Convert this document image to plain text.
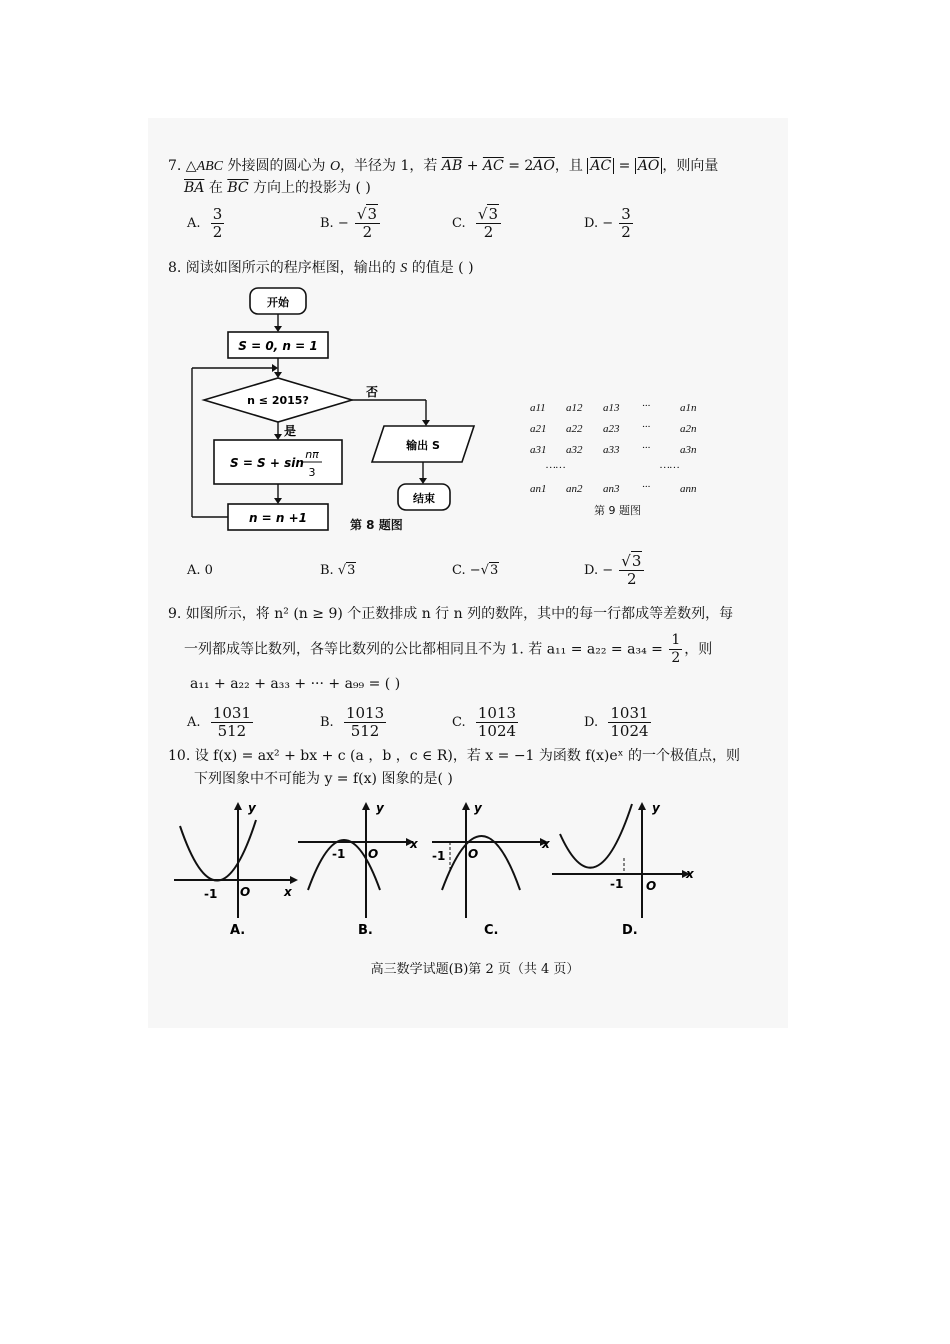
7. △ABC 外接圆的圆心为 O，半径为 1，若 $\overline{AB} + \overline{AC} = 2\overline{AO}$，且 $\overline{AC} = \overline{AO}$ ，则向量
$\overline{BA}$ 在 $\overline{BC}$ 方向上的投影为 ( )
A. $\frac{3}{2}$	B. − $\frac{√3}{2}$	C. $\frac{√3}{2}$	D. − $\frac{3}{2}$
8. 阅读如图所示的程序框图，输出的 S 的值是 ( )
开始
S = 0, n = 1
n ≤ 2015?
否
是
S = S + sin
nπ
3
n = n +1
输出 S
结束
第 8 题图
a11 a12 a13 ···	a1n
a21 a22 a23 ···	a2n
a31 a32 a33 ···	a3n
……	……
an1 an2 an3 ···	ann
第 9 题图
A. 0	B. √3	C. −√3	D. − $\frac{√3}{2}$
9. 如图所示，将 n² (n ≥ 9) 个正数排成 n 行 n 列的数阵，其中的每一行都成等差数列，每
一列都成等比数列，各等比数列的公比都相同且不为 1. 若 $a_{11} = a_{22} = a_{34} = \frac{1}{2}$ ，则
a₁₁ + a₂₂ + a₃₃ + ··· + a₉₉ = ( )
A. $\frac{1031}{512}$	B. $\frac{1013}{512}$	C. $\frac{1013}{1024}$	D. $\frac{1031}{1024}$
10. 设 f(x) = ax² + bx + c (a ，b ，c ∈ R)，若 x = −1 为函数 f(x)eˣ 的一个极值点，则
下列图象中不可能为 y = f(x) 图象的是( )
y
x
O
-1
A.
y
x
O
-1
B.
y
x
O
-1
C.
y
x
O
-1
D.
高三数学试题(B)第 2 页（共 4 页）
